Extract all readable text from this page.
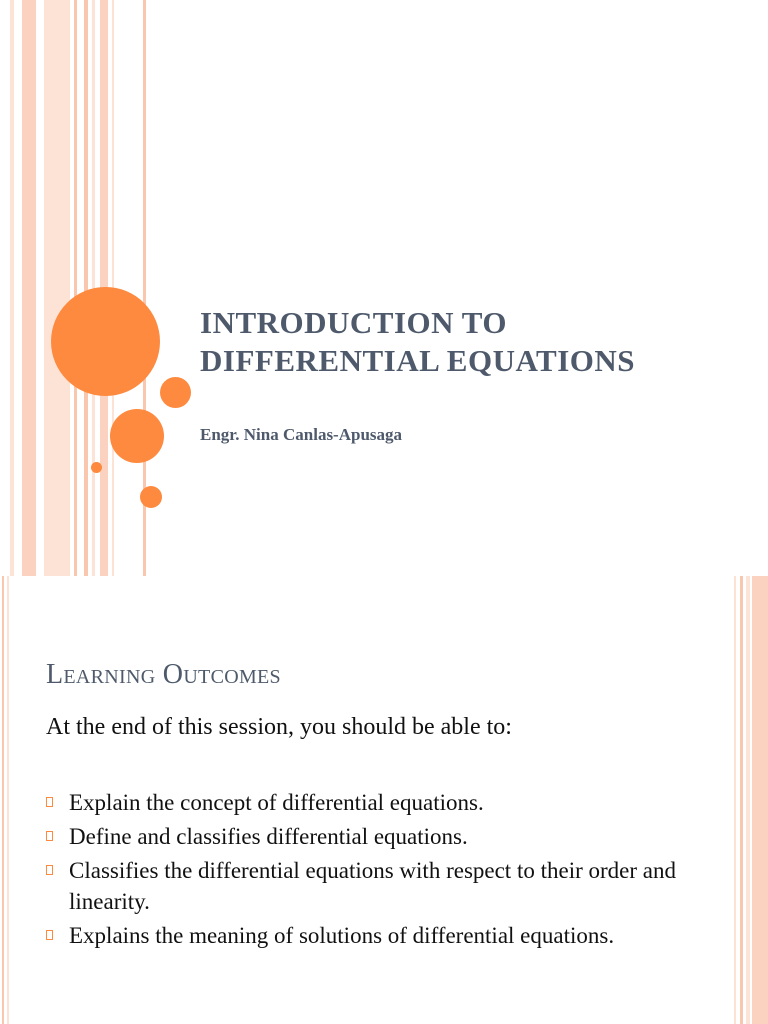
INTRODUCTION TO
DIFFERENTIAL EQUATIONS

Engr. Nina Canlas-Apusaga

Learning Outcomes

At the end of this session, you should be able to:

Explain the concept of differential equations.
Define and classifies differential equations.
Classifies the differential equations with respect to their order and linearity.
Explains the meaning of solutions of differential equations.
